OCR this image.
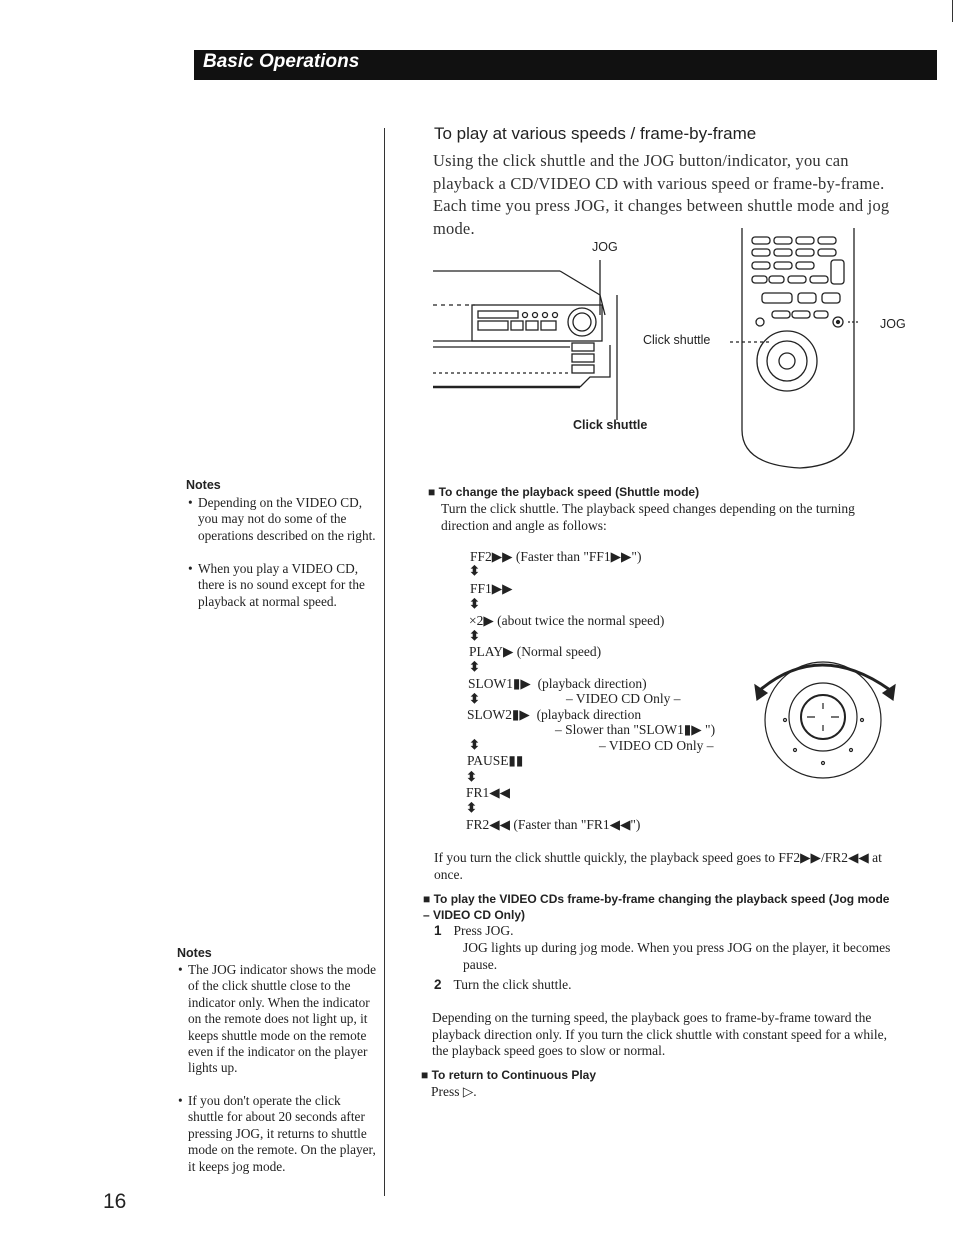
Basic Operations
Notes
• Depending on the VIDEO CD, you may not do some of the operations described on the right.
• When you play a VIDEO CD, there is no sound except for the playback at normal speed.
Notes
• The JOG indicator shows the mode of the click shuttle close to the indicator only. When the indicator on the remote does not light up, it keeps shuttle mode on the remote even if the indicator on the player lights up.
• If you don't operate the click shuttle for about 20 seconds after pressing JOG, it returns to shuttle mode on the remote. On the player, it keeps jog mode.
To play at various speeds / frame-by-frame
Using the click shuttle and the JOG button/indicator, you can playback a CD/VIDEO CD with various speed or frame-by-frame. Each time you press JOG, it changes between shuttle mode and jog mode.
JOG
Click shuttle
Click shuttle
JOG
■ To change the playback speed (Shuttle mode)
Turn the click shuttle. The playback speed changes depending on the turning direction and angle as follows:
FF2▶▶ (Faster than "FF1▶▶")
⬍
FF1▶▶
⬍
×2▶ (about twice the normal speed)
⬍
PLAY▶ (Normal speed)
⬍
SLOW1▮▶ (playback direction)
⬍	– VIDEO CD Only –
SLOW2▮▶ (playback direction
– Slower than "SLOW1▮▶ ")
⬍	– VIDEO CD Only –
PAUSE▮▮
⬍
FR1◀◀
⬍
FR2◀◀ (Faster than "FR1◀◀")
If you turn the click shuttle quickly, the playback speed goes to FF2▶▶/FR2◀◀ at once.
■ To play the VIDEO CDs frame-by-frame changing the playback speed (Jog mode – VIDEO CD Only)
1 Press JOG.
JOG lights up during jog mode. When you press JOG on the player, it becomes pause.
2 Turn the click shuttle.
Depending on the turning speed, the playback goes to frame-by-frame toward the playback direction only. If you turn the click shuttle with constant speed for a while, the playback speed goes to slow or normal.
■ To return to Continuous Play
Press ▷.
16
